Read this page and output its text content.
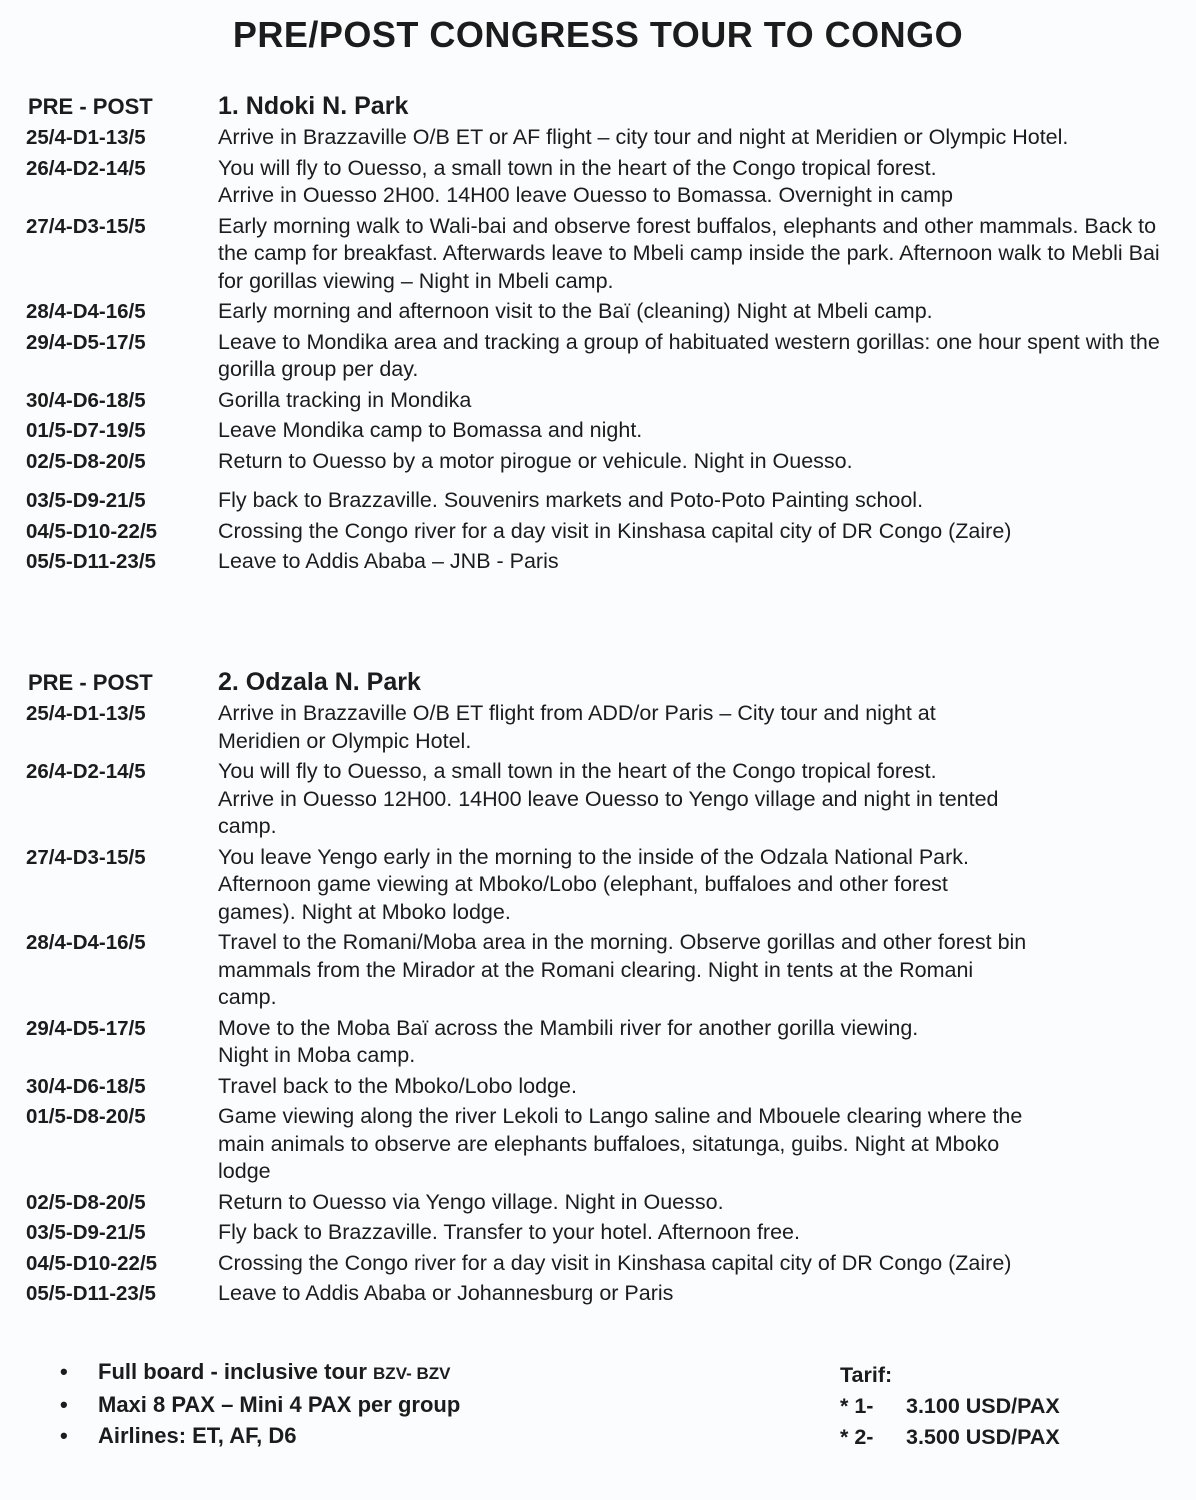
PRE/POST CONGRESS TOUR TO CONGO
PRE - POST	1. Ndoki N. Park
25/4-D1-13/5	Arrive in Brazzaville O/B ET or AF flight – city tour and night at Meridien or Olympic Hotel.

26/4-D2-14/5	You will fly to Ouesso, a small town in the heart of the Congo tropical forest.

Arrive in Ouesso 2H00. 14H00 leave Ouesso to Bomassa. Overnight in camp

27/4-D3-15/5	Early morning walk to Wali-bai and observe forest buffalos, elephants and other mammals. Back to the camp for breakfast. Afterwards leave to Mbeli camp inside the park. Afternoon walk to Mebli Bai for gorillas viewing – Night in Mbeli camp.

28/4-D4-16/5	Early morning and afternoon visit to the Baï (cleaning) Night at Mbeli camp.

29/4-D5-17/5	Leave to Mondika area and tracking a group of habituated western gorillas: one hour spent with the gorilla group per day.

30/4-D6-18/5	Gorilla tracking in Mondika

01/5-D7-19/5	Leave Mondika camp to Bomassa and night.

02/5-D8-20/5	Return to Ouesso by a motor pirogue or vehicule. Night in Ouesso.

03/5-D9-21/5	Fly back to Brazzaville. Souvenirs markets and Poto-Poto Painting school.

04/5-D10-22/5	Crossing the Congo river for a day visit in Kinshasa capital city of DR Congo (Zaire)

05/5-D11-23/5	Leave to Addis Ababa – JNB - Paris

PRE - POST	2. Odzala N. Park
25/4-D1-13/5	Arrive in Brazzaville O/B ET flight from ADD/or Paris – City tour and night at

Meridien or Olympic Hotel.

26/4-D2-14/5	You will fly to Ouesso, a small town in the heart of the Congo tropical forest.

Arrive in Ouesso 12H00. 14H00 leave Ouesso to Yengo village and night in tented

camp.

27/4-D3-15/5	You leave Yengo early in the morning to the inside of the Odzala National Park.

Afternoon game viewing at Mboko/Lobo (elephant, buffaloes and other forest

games). Night at Mboko lodge.

28/4-D4-16/5	Travel to the Romani/Moba area in the morning. Observe gorillas and other forest bin

mammals from the Mirador at the Romani clearing. Night in tents at the Romani

camp.

29/4-D5-17/5	Move to the Moba Baï across the Mambili river for another gorilla viewing.

Night in Moba camp.

30/4-D6-18/5	Travel back to the Mboko/Lobo lodge.

01/5-D8-20/5	Game viewing along the river Lekoli to Lango saline and Mbouele clearing where the

main animals to observe are elephants buffaloes, sitatunga, guibs. Night at Mboko

lodge

02/5-D8-20/5	Return to Ouesso via Yengo village. Night in Ouesso.

03/5-D9-21/5	Fly back to Brazzaville. Transfer to your hotel. Afternoon free.

04/5-D10-22/5	Crossing the Congo river for a day visit in Kinshasa capital city of DR Congo (Zaire)

05/5-D11-23/5	Leave to Addis Ababa or Johannesburg or Paris

• Full board - inclusive tour BZV- BZV
• Maxi 8 PAX – Mini 4 PAX per group
• Airlines: ET, AF, D6
Tarif:
* 1- 3.100 USD/PAX
* 2- 3.500 USD/PAX
